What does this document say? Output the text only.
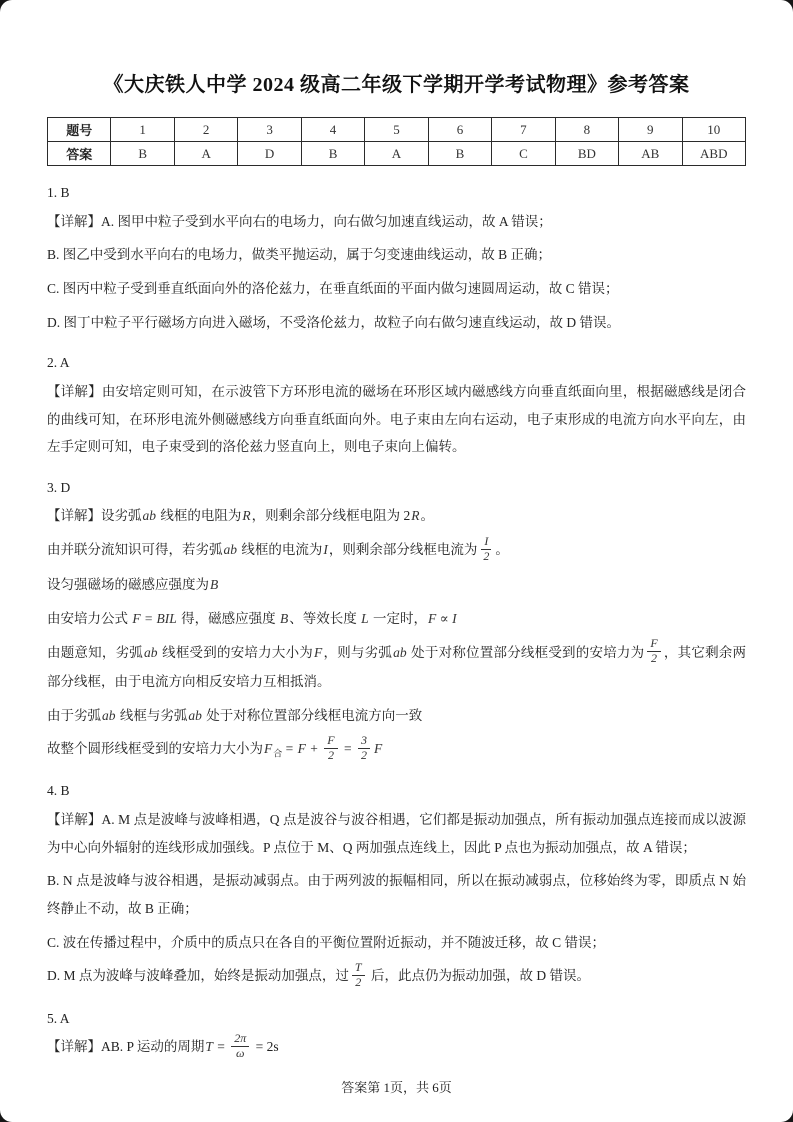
《大庆铁人中学 2024 级高二年级下学期开学考试物理》参考答案
题号	1	2	3	4	5	6	7	8	9	10
答案	B	A	D	B	A	B	C	BD	AB	ABD
1. B
【详解】A. 图甲中粒子受到水平向右的电场力，向右做匀加速直线运动，故 A 错误；
B. 图乙中受到水平向右的电场力，做类平抛运动，属于匀变速曲线运动，故 B 正确；
C. 图丙中粒子受到垂直纸面向外的洛伦兹力，在垂直纸面的平面内做匀速圆周运动，故 C 错误；
D. 图丁中粒子平行磁场方向进入磁场，不受洛伦兹力，故粒子向右做匀速直线运动，故 D 错误。
2. A
【详解】由安培定则可知，在示波管下方环形电流的磁场在环形区域内磁感线方向垂直纸面向里，根据磁感线是闭合的曲线可知，在环形电流外侧磁感线方向垂直纸面向外。电子束由左向右运动，电子束形成的电流方向水平向左，由左手定则可知，电子束受到的洛伦兹力竖直向上，则电子束向上偏转。
3. D
【详解】设劣弧ab 线框的电阻为R，则剩余部分线框电阻为 2R。
由并联分流知识可得，若劣弧ab 线框的电流为I，则剩余部分线框电流为 $\frac{I}{2}$ 。
设匀强磁场的磁感应强度为B
由安培力公式 F = BIL 得，磁感应强度 B、等效长度 L 一定时，F ∝ I
由题意知，劣弧ab 线框受到的安培力大小为F，则与劣弧ab 处于对称位置部分线框受到的安培力为 $\frac{F}{2}$ ，其它剩余两部分线框，由于电流方向相反安培力互相抵消。
由于劣弧ab 线框与劣弧ab 处于对称位置部分线框电流方向一致
故整个圆形线框受到的安培力大小为$F_合 = F + \frac{F}{2} = \frac{3}{2}$ F
4. B
【详解】A. M 点是波峰与波峰相遇，Q 点是波谷与波谷相遇，它们都是振动加强点，所有振动加强点连接而成以波源为中心向外辐射的连线形成加强线。P 点位于 M、Q 两加强点连线上，因此 P 点也为振动加强点，故 A 错误；
B. N 点是波峰与波谷相遇，是振动减弱点。由于两列波的振幅相同，所以在振动减弱点，位移始终为零，即质点 N 始终静止不动，故 B 正确；
C. 波在传播过程中，介质中的质点只在各自的平衡位置附近振动，并不随波迁移，故 C 错误；
D. M 点为波峰与波峰叠加，始终是振动加强点，过 $\frac{T}{2}$ 后，此点仍为振动加强，故 D 错误。
5. A
【详解】AB. P 运动的周期$T = \frac{2\pi}{\omega} = 2s$
答案第 1页，共 6页
